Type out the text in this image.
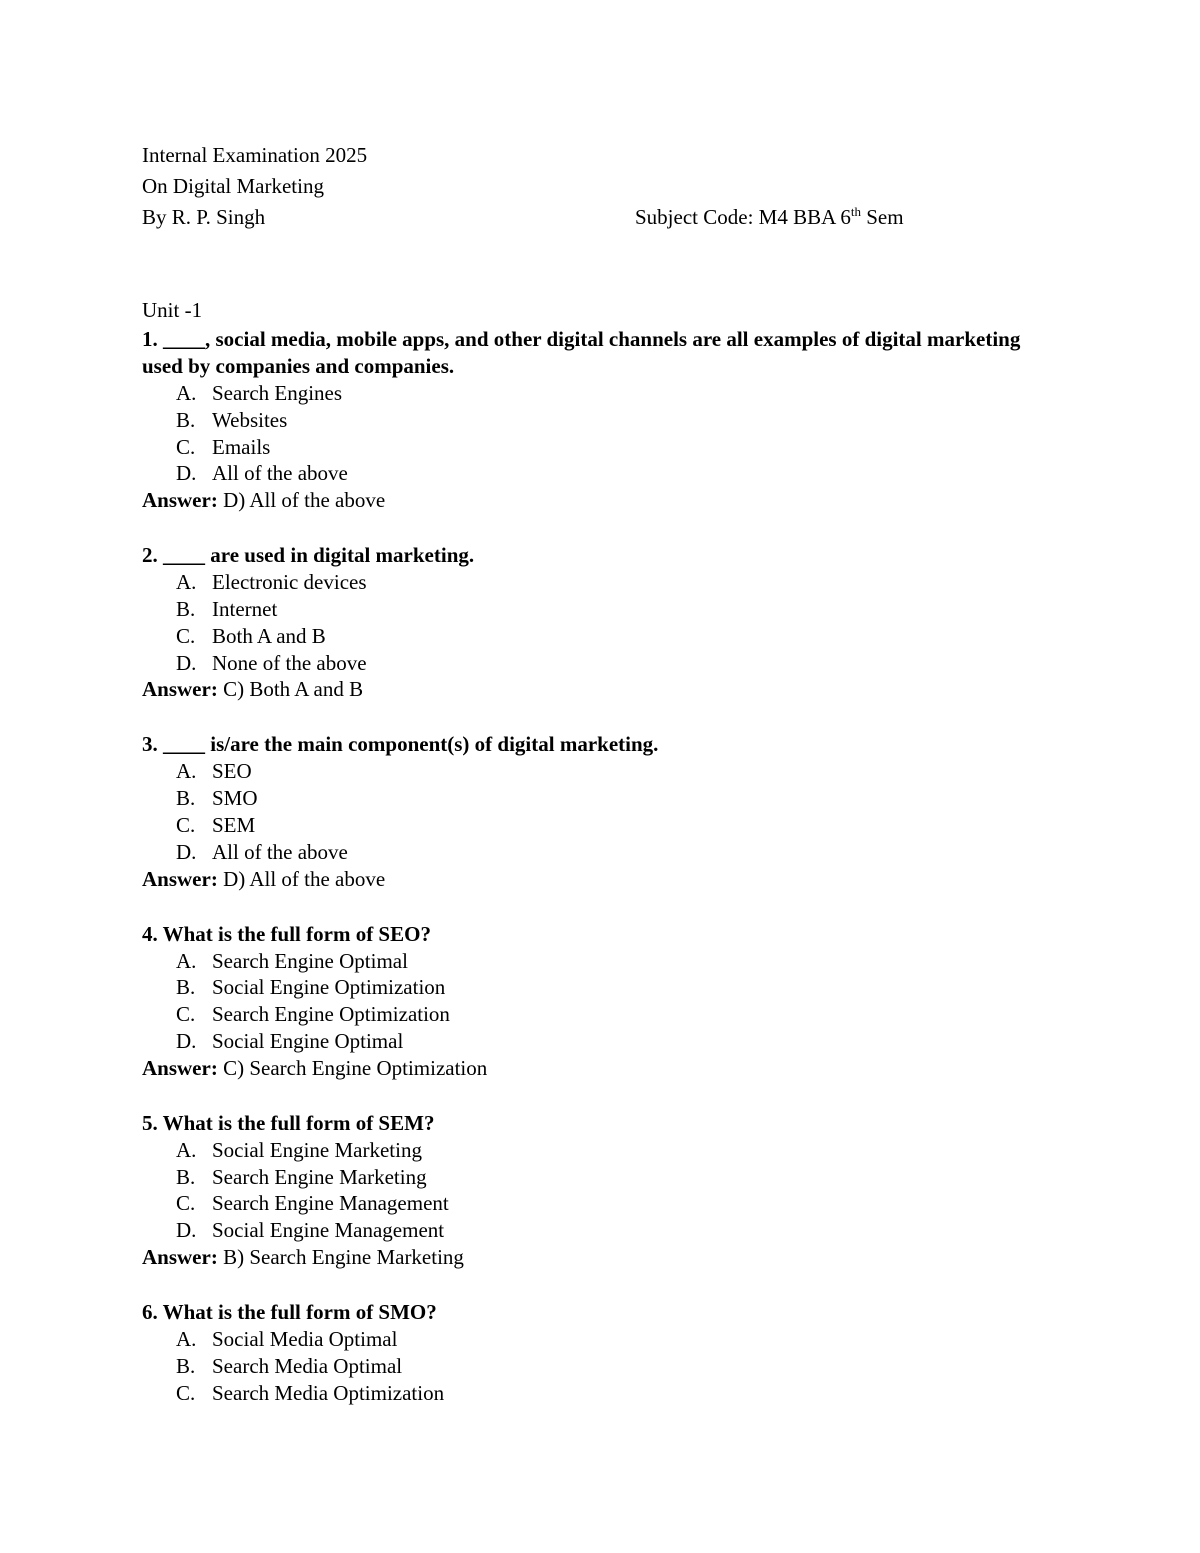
Internal Examination 2025
On Digital Marketing
By R. P. Singh	Subject Code: M4 BBA 6th Sem
Unit -1
1. ____, social media, mobile apps, and other digital channels are all examples of digital marketing used by companies and companies.
A. Search Engines
B. Websites
C. Emails
D. All of the above
Answer: D) All of the above
2. ____ are used in digital marketing.
A. Electronic devices
B. Internet
C. Both A and B
D. None of the above
Answer: C) Both A and B
3. ____ is/are the main component(s) of digital marketing.
A. SEO
B. SMO
C. SEM
D. All of the above
Answer: D) All of the above
4. What is the full form of SEO?
A. Search Engine Optimal
B. Social Engine Optimization
C. Search Engine Optimization
D. Social Engine Optimal
Answer: C) Search Engine Optimization
5. What is the full form of SEM?
A. Social Engine Marketing
B. Search Engine Marketing
C. Search Engine Management
D. Social Engine Management
Answer: B) Search Engine Marketing
6. What is the full form of SMO?
A. Social Media Optimal
B. Search Media Optimal
C. Search Media Optimization
